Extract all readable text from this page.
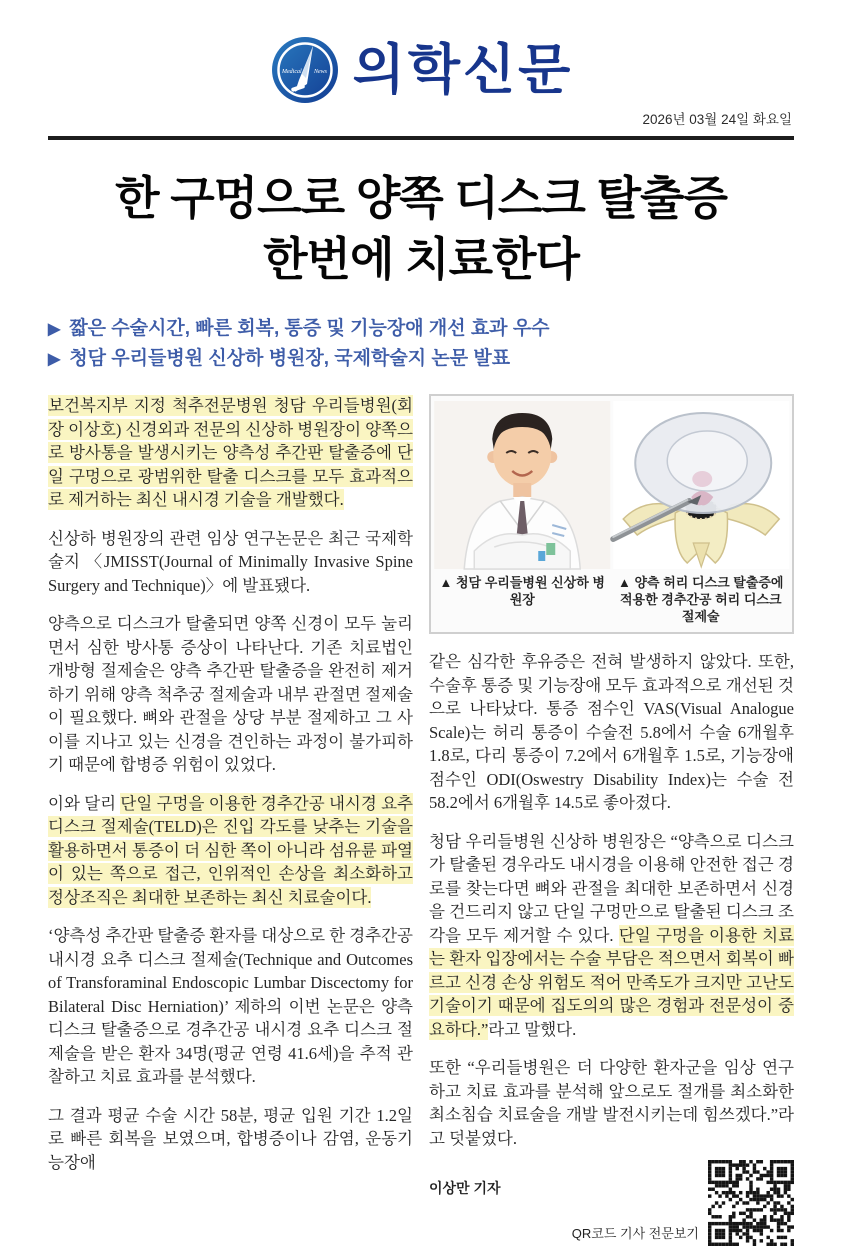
Medical News 의학신문
2026년 03월 24일 화요일
한 구멍으로 양쪽 디스크 탈출증
한번에 치료한다
▶ 짧은 수술시간, 빠른 회복, 통증 및 기능장애 개선 효과 우수
▶ 청담 우리들병원 신상하 병원장, 국제학술지 논문 발표

보건복지부 지정 척추전문병원 청담 우리들병원(회장 이상호) 신경외과 전문의 신상하 병원장이 양쪽으로 방사통을 발생시키는 양측성 추간판 탈출증에 단일 구멍으로 광범위한 탈출 디스크를 모두 효과적으로 제거하는 최신 내시경 기술을 개발했다.

신상하 병원장의 관련 임상 연구논문은 최근 국제학술지 〈JMISST(Journal of Minimally Invasive Spine Surgery and Technique)〉에 발표됐다.

양측으로 디스크가 탈출되면 양쪽 신경이 모두 눌리면서 심한 방사통 증상이 나타난다. 기존 치료법인 개방형 절제술은 양측 추간판 탈출증을 완전히 제거하기 위해 양측 척추궁 절제술과 내부 관절면 절제술이 필요했다. 뼈와 관절을 상당 부분 절제하고 그 사이를 지나고 있는 신경을 견인하는 과정이 불가피하기 때문에 합병증 위험이 있었다.

이와 달리 단일 구멍을 이용한 경추간공 내시경 요추 디스크 절제술(TELD)은 진입 각도를 낮추는 기술을 활용하면서 통증이 더 심한 쪽이 아니라 섬유륜 파열이 있는 쪽으로 접근, 인위적인 손상을 최소화하고 정상조직은 최대한 보존하는 최신 치료술이다.

‘양측성 추간판 탈출증 환자를 대상으로 한 경추간공 내시경 요추 디스크 절제술(Technique and Outcomes of Transforaminal Endoscopic Lumbar Discectomy for Bilateral Disc Herniation)’ 제하의 이번 논문은 양측 디스크 탈출증으로 경추간공 내시경 요추 디스크 절제술을 받은 환자 34명(평균 연령 41.6세)을 추적 관찰하고 치료 효과를 분석했다.

그 결과 평균 수술 시간 58분, 평균 입원 기간 1.2일로 빠른 회복을 보였으며, 합병증이나 감염, 운동기능장애

▲ 청담 우리들병원 신상하 병원장
▲ 양측 허리 디스크 탈출증에 적용한 경추간공 허리 디스크 절제술

같은 심각한 후유증은 전혀 발생하지 않았다. 또한, 수술후 통증 및 기능장애 모두 효과적으로 개선된 것으로 나타났다. 통증 점수인 VAS(Visual Analogue Scale)는 허리 통증이 수술전 5.8에서 수술 6개월후 1.8로, 다리 통증이 7.2에서 6개월후 1.5로, 기능장애 점수인 ODI(Oswestry Disability Index)는 수술 전 58.2에서 6개월후 14.5로 좋아졌다.

청담 우리들병원 신상하 병원장은 “양측으로 디스크가 탈출된 경우라도 내시경을 이용해 안전한 접근 경로를 찾는다면 뼈와 관절을 최대한 보존하면서 신경을 건드리지 않고 단일 구멍만으로 탈출된 디스크 조각을 모두 제거할 수 있다. 단일 구멍을 이용한 치료는 환자 입장에서는 수술 부담은 적으면서 회복이 빠르고 신경 손상 위험도 적어 만족도가 크지만 고난도 기술이기 때문에 집도의의 많은 경험과 전문성이 중요하다.”라고 말했다.

또한 “우리들병원은 더 다양한 환자군을 임상 연구하고 치료 효과를 분석해 앞으로도 절개를 최소화한 최소침습 치료술을 개발 발전시키는데 힘쓰겠다.”라고 덧붙였다.

이상만 기자
QR코드 기사 전문보기
